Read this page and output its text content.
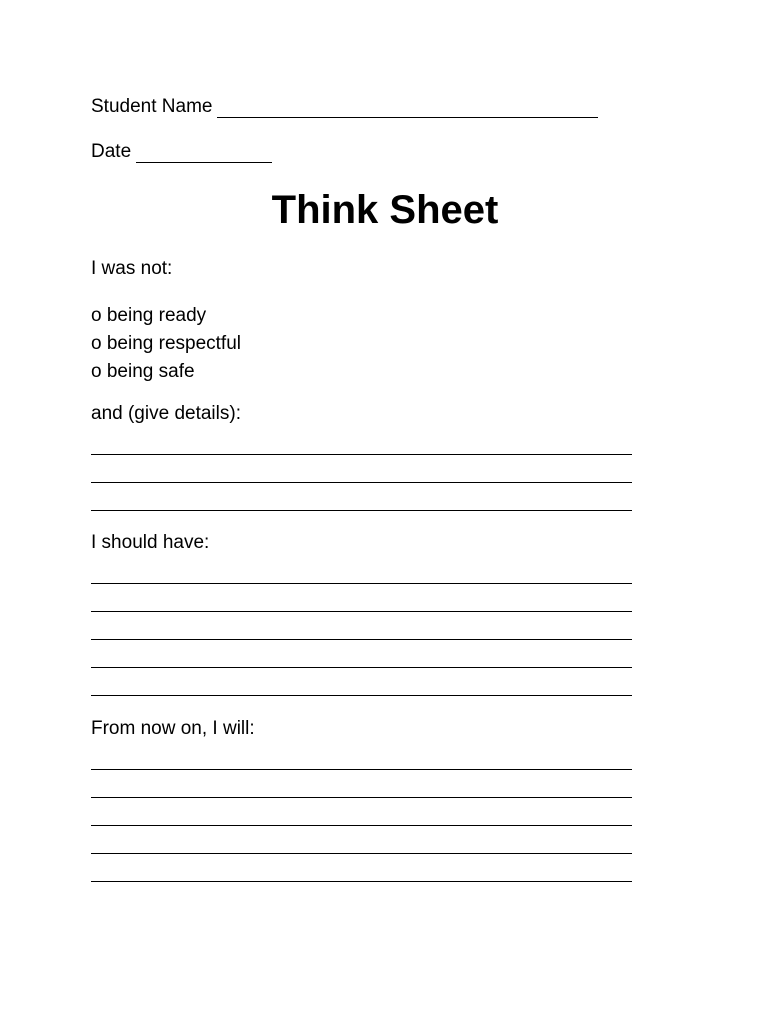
Student Name
Date
Think Sheet
I was not:
o
being ready
o
being respectful
o
being safe
and (give details):
I should have:
From now on, I will:
